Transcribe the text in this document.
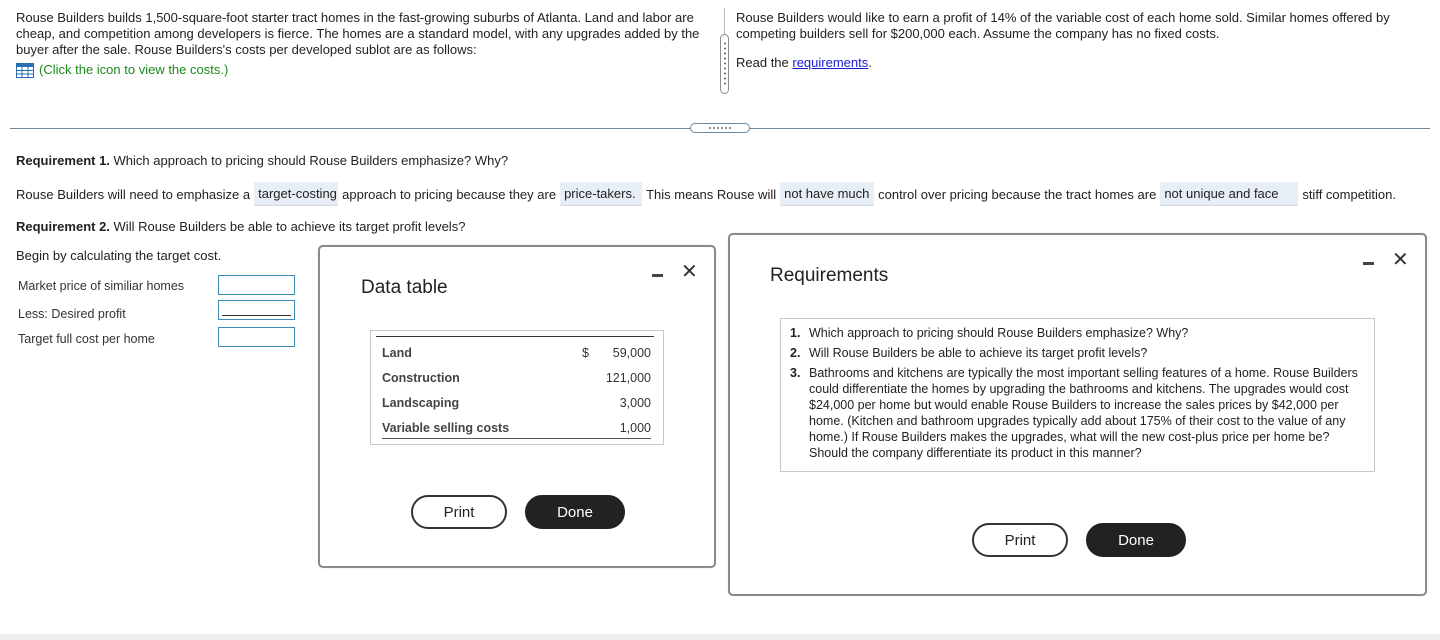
Rouse Builders builds 1,500-square-foot starter tract homes in the fast-growing suburbs of Atlanta. Land and labor are cheap, and competition among developers is fierce. The homes are a standard model, with any upgrades added by the buyer after the sale. Rouse Builders's costs per developed sublot are as follows:

(Click the icon to view the costs.)

Rouse Builders would like to earn a profit of 14% of the variable cost of each home sold. Similar homes offered by competing builders sell for $200,000 each. Assume the company has no fixed costs.

Read the requirements.

Requirement 1. Which approach to pricing should Rouse Builders emphasize? Why?
Rouse Builders will need to emphasize a target-costing approach to pricing because they are price-takers. This means Rouse will not have much control over pricing because the tract homes are not unique and face	stiff competition.
Requirement 2. Will Rouse Builders be able to achieve its target profit levels?
Begin by calculating the target cost.
Market price of similiar homes
Less: Desired profit
Target full cost per home
Data table
✕
Land	$ 59,000
Construction	121,000
Landscaping	3,000
Variable selling costs	1,000
Print	Done
Requirements
✕
1. Which approach to pricing should Rouse Builders emphasize? Why?
2. Will Rouse Builders be able to achieve its target profit levels?
3. Bathrooms and kitchens are typically the most important selling features of a home. Rouse Builders could differentiate the homes by upgrading the bathrooms and kitchens. The upgrades would cost $24,000 per home but would enable Rouse Builders to increase the sales prices by $42,000 per home. (Kitchen and bathroom upgrades typically add about 175% of their cost to the value of any home.) If Rouse Builders makes the upgrades, what will the new cost-plus price per home be? Should the company differentiate its product in this manner?
Print	Done
